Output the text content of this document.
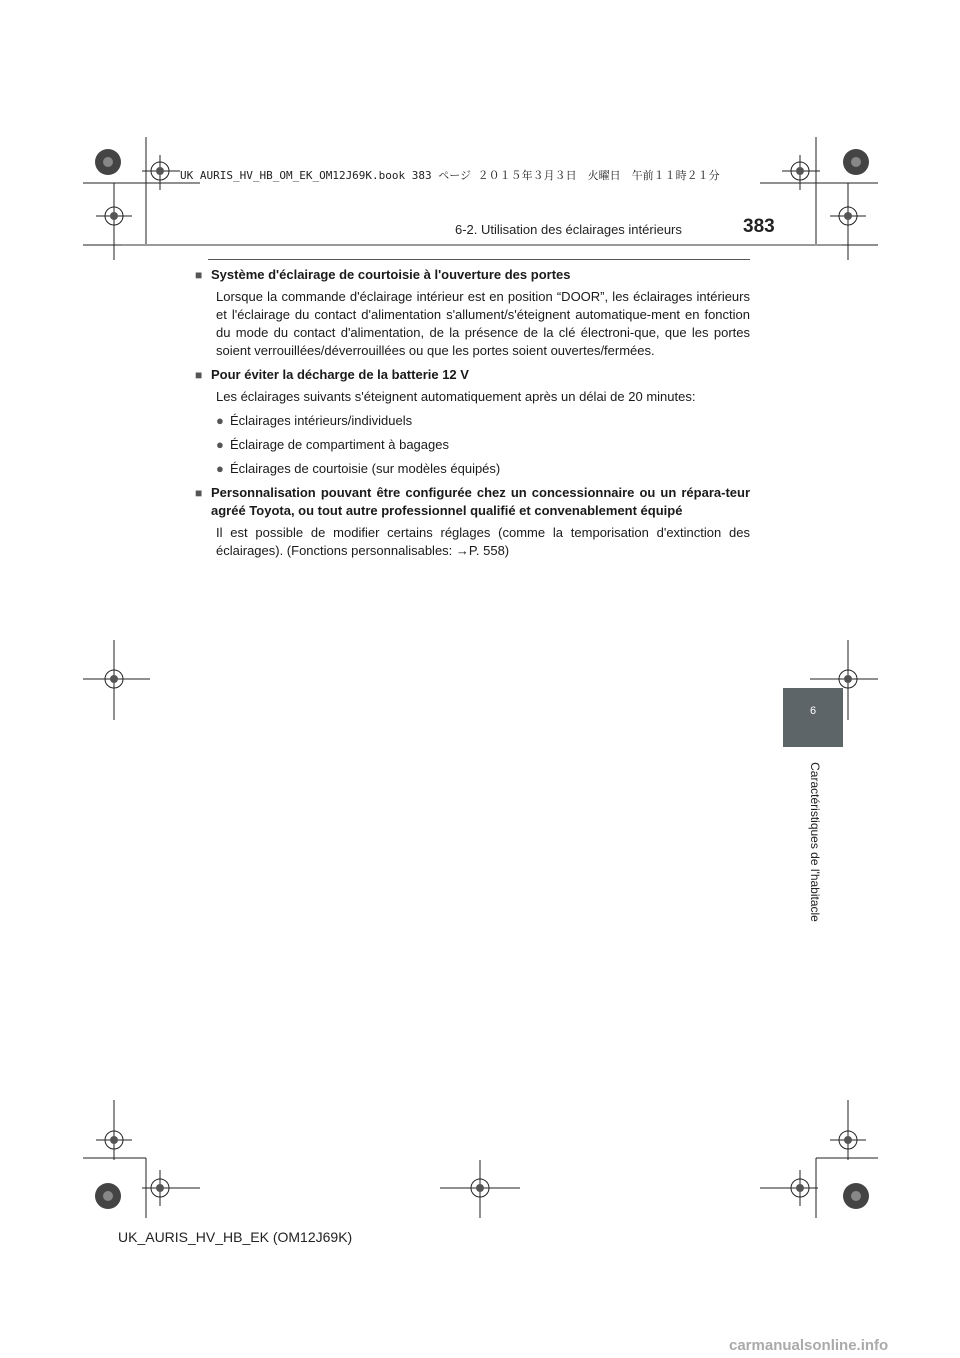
UK AURIS_HV_HB_OM_EK_OM12J69K.book 383 ページ ２０１５年３月３日　火曜日　午前１１時２１分
6-2. Utilisation des éclairages intérieurs	383
■ Système d'éclairage de courtoisie à l'ouverture des portes
Lorsque la commande d'éclairage intérieur est en position “DOOR”, les éclairages intérieurs et l'éclairage du contact d'alimentation s'allument/s'éteignent automatique-ment en fonction du mode du contact d'alimentation, de la présence de la clé électroni-que, que les portes soient verrouillées/déverrouillées ou que les portes soient ouvertes/fermées.
■ Pour éviter la décharge de la batterie 12 V
Les éclairages suivants s'éteignent automatiquement après un délai de 20 minutes:
● Éclairages intérieurs/individuels
● Éclairage de compartiment à bagages
● Éclairages de courtoisie (sur modèles équipés)
■ Personnalisation pouvant être configurée chez un concessionnaire ou un répara-teur agréé Toyota, ou tout autre professionnel qualifié et convenablement équipé
Il est possible de modifier certains réglages (comme la temporisation d'extinction des éclairages). (Fonctions personnalisables: →P. 558)
6
Caractéristiques de l'habitacle
UK_AURIS_HV_HB_EK (OM12J69K)
carmanualsonline.info
